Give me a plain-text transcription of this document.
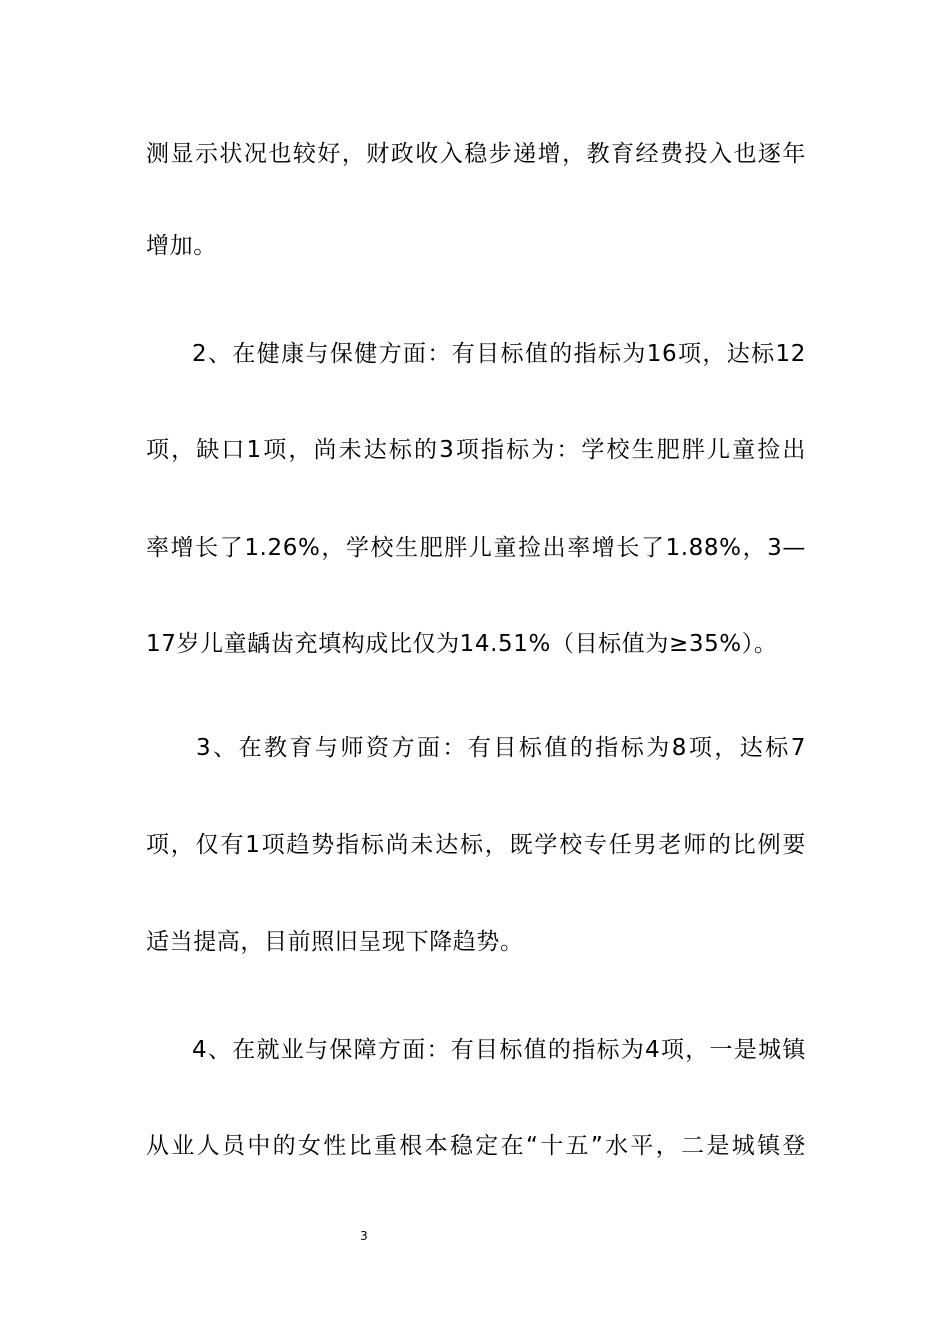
测显示状况也较好，财政收入稳步递增，教育经费投入也逐年
增加。
2、在健康与保健方面：有目标值的指标为16项，达标12
项，缺口1项，尚未达标的3项指标为：学校生肥胖儿童捡出
率增长了1.26%，学校生肥胖儿童捡出率增长了1.88%，3—
17岁儿童龋齿充填构成比仅为14.51%（目标值为≥35%）。
3、在教育与师资方面：有目标值的指标为8项，达标7
项，仅有1项趋势指标尚未达标，既学校专任男老师的比例要
适当提高，目前照旧呈现下降趋势。
4、在就业与保障方面：有目标值的指标为4项，一是城镇
从业人员中的女性比重根本稳定在“十五”水平，二是城镇登
3
